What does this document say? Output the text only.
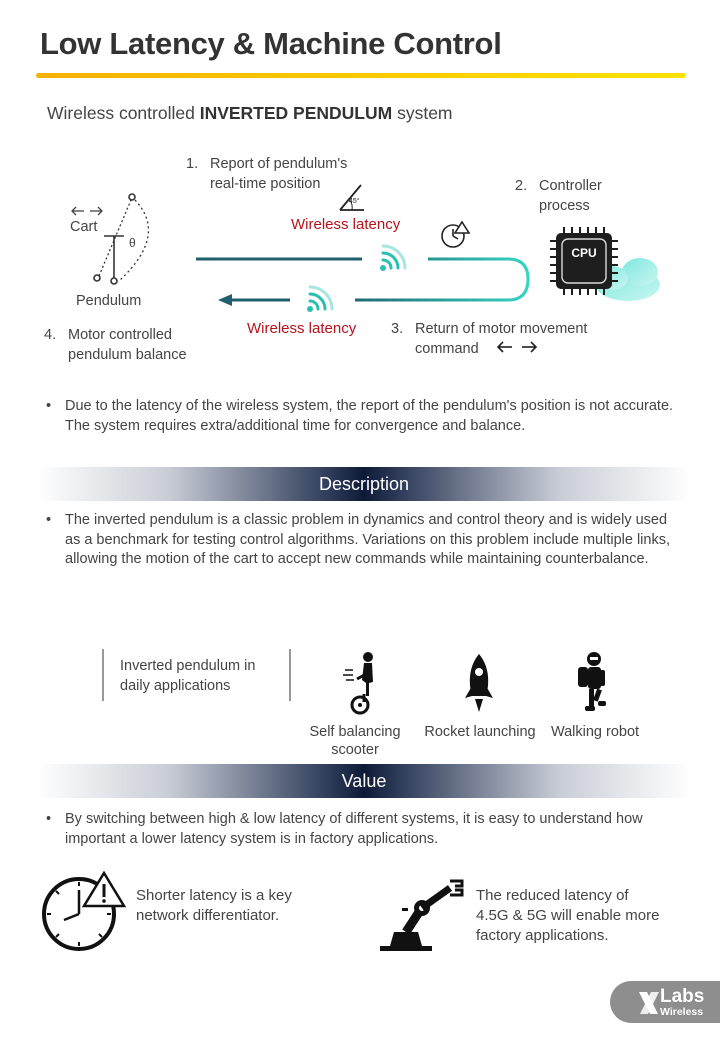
Low Latency & Machine Control
Wireless controlled INVERTED PENDULUM system
CPU
45°
1. Report of pendulum's
real-time position	2. Controller
process
3. Return of motor movement
command
4. Motor controlled
pendulum balance
Cart
θ
Pendulum
Wireless latency
Wireless latency
• Due to the latency of the wireless system, the report of the pendulum's position is not accurate. The system requires extra/additional time for convergence and balance.
Description
• The inverted pendulum is a classic problem in dynamics and control theory and is widely used as a benchmark for testing control algorithms. Variations on this problem include multiple links, allowing the motion of the cart to accept new commands while maintaining counterbalance.
Inverted pendulum in
daily applications
Self balancing
scooter
Rocket launching	Walking robot
Value
• By switching between high & low latency of different systems, it is easy to understand how important a lower latency system is in factory applications.
Shorter latency is a key
network differentiator.
The reduced latency of
4.5G & 5G will enable more
factory applications.
Labs
Wireless
